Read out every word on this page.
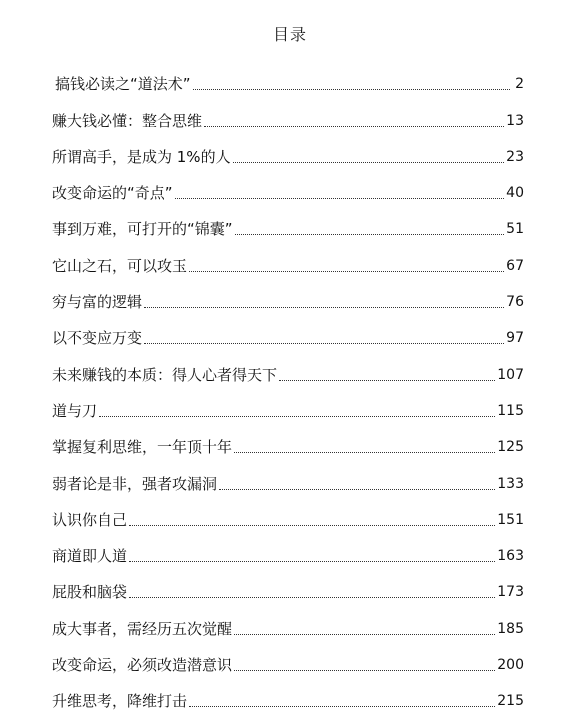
目录
搞钱必读之“道法术”	2
赚大钱必懂：整合思维	13
所谓高手，是成为 1%的人	23
改变命运的“奇点”	40
事到万难，可打开的“锦囊”	51
它山之石，可以攻玉	67
穷与富的逻辑	76
以不变应万变	97
未来赚钱的本质：得人心者得天下	107
道与刀	115
掌握复利思维，一年顶十年	125
弱者论是非，强者攻漏洞	133
认识你自己	151
商道即人道	163
屁股和脑袋	173
成大事者，需经历五次觉醒	185
改变命运，必须改造潜意识	200
升维思考，降维打击	215
